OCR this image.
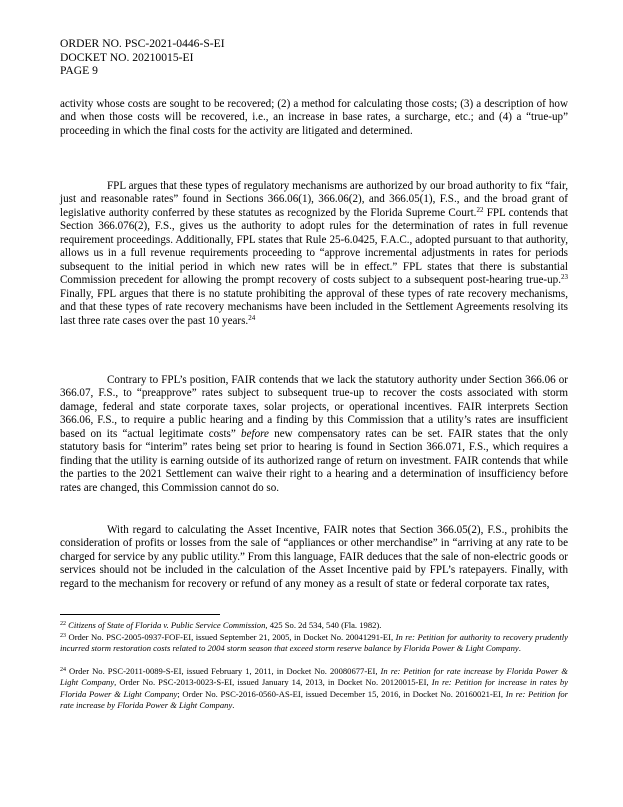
ORDER NO. PSC-2021-0446-S-EI
DOCKET NO. 20210015-EI
PAGE 9

activity whose costs are sought to be recovered; (2) a method for calculating those costs; (3) a description of how and when those costs will be recovered, i.e., an increase in base rates, a surcharge, etc.; and (4) a “true-up” proceeding in which the final costs for the activity are litigated and determined.

FPL argues that these types of regulatory mechanisms are authorized by our broad authority to fix “fair, just and reasonable rates” found in Sections 366.06(1), 366.06(2), and 366.05(1), F.S., and the broad grant of legislative authority conferred by these statutes as recognized by the Florida Supreme Court.$^{22}$ FPL contends that Section 366.076(2), F.S., gives us the authority to adopt rules for the determination of rates in full revenue requirement proceedings. Additionally, FPL states that Rule 25-6.0425, F.A.C., adopted pursuant to that authority, allows us in a full revenue requirements proceeding to “approve incremental adjustments in rates for periods subsequent to the initial period in which new rates will be in effect.” FPL states that there is substantial Commission precedent for allowing the prompt recovery of costs subject to a subsequent post-hearing true-up.$^{23}$ Finally, FPL argues that there is no statute prohibiting the approval of these types of rate recovery mechanisms, and that these types of rate recovery mechanisms have been included in the Settlement Agreements resolving its last three rate cases over the past 10 years.$^{24}$

Contrary to FPL’s position, FAIR contends that we lack the statutory authority under Section 366.06 or 366.07, F.S., to “preapprove” rates subject to subsequent true-up to recover the costs associated with storm damage, federal and state corporate taxes, solar projects, or operational incentives. FAIR interprets Section 366.06, F.S., to require a public hearing and a finding by this Commission that a utility’s rates are insufficient based on its “actual legitimate costs” before new compensatory rates can be set. FAIR states that the only statutory basis for “interim” rates being set prior to hearing is found in Section 366.071, F.S., which requires a finding that the utility is earning outside of its authorized range of return on investment. FAIR contends that while the parties to the 2021 Settlement can waive their right to a hearing and a determination of insufficiency before rates are changed, this Commission cannot do so.

With regard to calculating the Asset Incentive, FAIR notes that Section 366.05(2), F.S., prohibits the consideration of profits or losses from the sale of “appliances or other merchandise” in “arriving at any rate to be charged for service by any public utility.” From this language, FAIR deduces that the sale of non-electric goods or services should not be included in the calculation of the Asset Incentive paid by FPL’s ratepayers. Finally, with regard to the mechanism for recovery or refund of any money as a result of state or federal corporate tax rates,

$^{22}$ Citizens of State of Florida v. Public Service Commission, 425 So. 2d 534, 540 (Fla. 1982).
$^{23}$ Order No. PSC-2005-0937-FOF-EI, issued September 21, 2005, in Docket No. 20041291-EI, In re: Petition for authority to recovery prudently incurred storm restoration costs related to 2004 storm season that exceed storm reserve balance by Florida Power & Light Company.
$^{24}$ Order No. PSC-2011-0089-S-EI, issued February 1, 2011, in Docket No. 20080677-EI, In re: Petition for rate increase by Florida Power & Light Company, Order No. PSC-2013-0023-S-EI, issued January 14, 2013, in Docket No. 20120015-EI, In re: Petition for increase in rates by Florida Power & Light Company; Order No. PSC-2016-0560-AS-EI, issued December 15, 2016, in Docket No. 20160021-EI, In re: Petition for rate increase by Florida Power & Light Company.
